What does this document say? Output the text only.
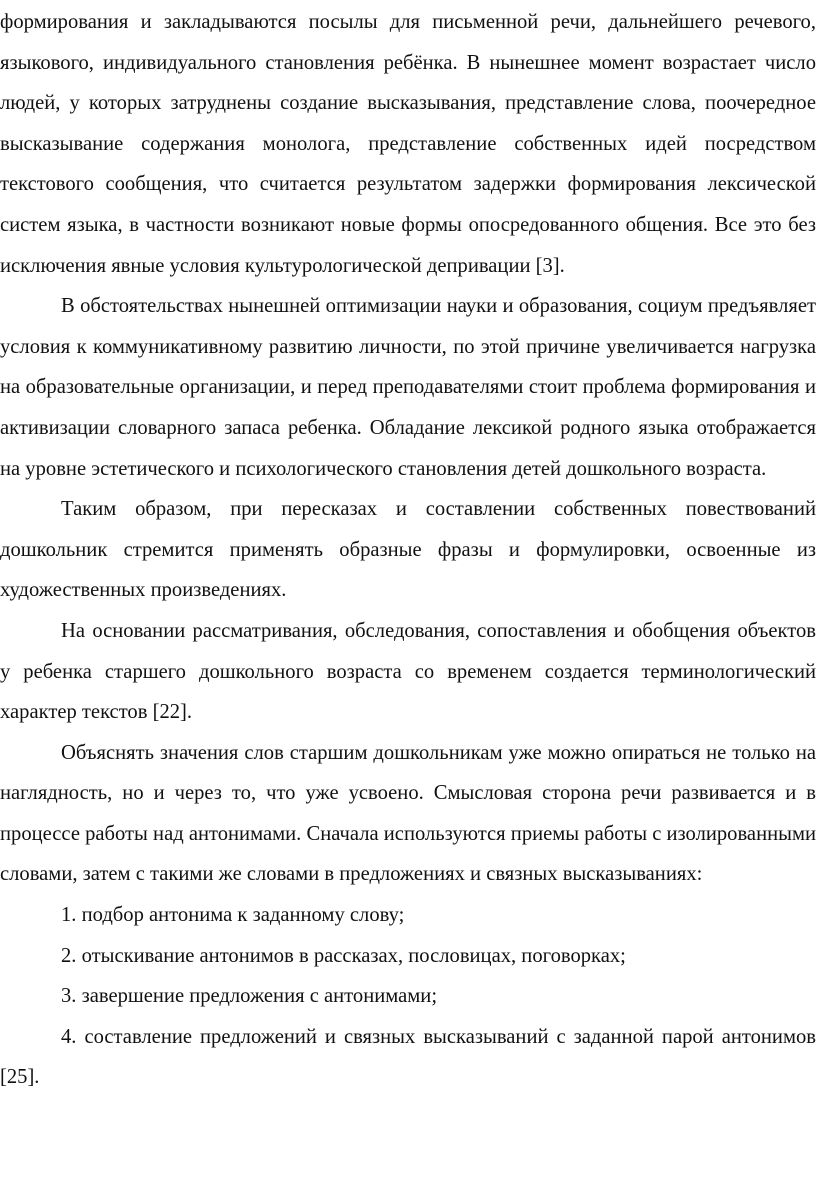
формирования и закладываются посылы для письменной речи, дальнейшего речевого, языкового, индивидуального становления ребёнка. В нынешнее момент возрастает число людей, у которых затруднены создание высказывания, представление слова, поочередное высказывание содержания монолога, представление собственных идей посредством текстового сообщения, что считается результатом задержки формирования лексической систем языка, в частности возникают новые формы опосредованного общения. Все это без исключения явные условия культурологической депривации [3].

В обстоятельствах нынешней оптимизации науки и образования, социум предъявляет условия к коммуникативному развитию личности, по этой причине увеличивается нагрузка на образовательные организации, и перед преподавателями стоит проблема формирования и активизации словарного запаса ребенка. Обладание лексикой родного языка отображается на уровне эстетического и психологического становления детей дошкольного возраста.

Таким образом, при пересказах и составлении собственных повествований дошкольник стремится применять образные фразы и формулировки, освоенные из художественных произведениях.

На основании рассматривания, обследования, сопоставления и обобщения объектов у ребенка старшего дошкольного возраста со временем создается терминологический характер текстов [22].

Объяснять значения слов старшим дошкольникам уже можно опираться не только на наглядность, но и через то, что уже усвоено. Смысловая сторона речи развивается и в процессе работы над антонимами. Сначала используются приемы работы с изолированными словами, затем с такими же словами в предложениях и связных высказываниях:

1. подбор антонима к заданному слову;

2. отыскивание антонимов в рассказах, пословицах, поговорках;

3. завершение предложения с антонимами;

4. составление предложений и связных высказываний с заданной парой антонимов [25].
